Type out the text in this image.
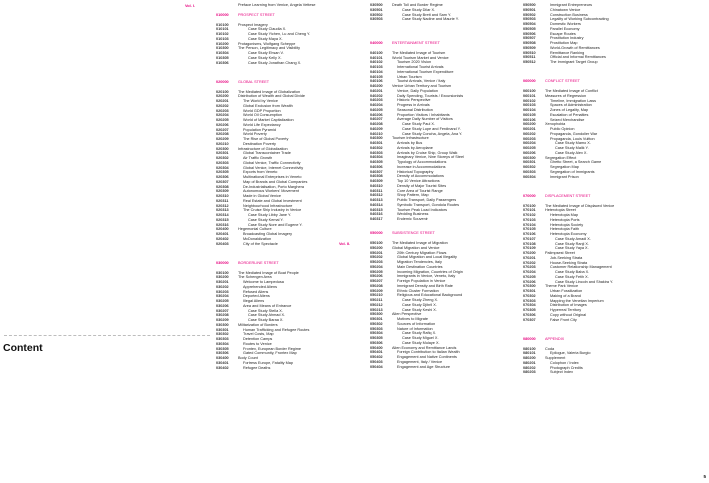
Content
Vol. I.
Vol. II.
Preface Learning from Venice, Angela Vettese
010000 PROSPECT STREET
010100 Prospect Imagery
010101	Case Study Claudia X.
010102	Case Study Yichen, Lu and Cheng Y.
010103	Case Study Maya X.
010200 Protagonisms, Wolfgang Scheppe
010300 The Person, Legitimacy and Visibility
010304	Case Study Ehsan V.
010305	Case Study Kelly X.
010306	Case Study Jonathan Chang X.
020000 GLOBAL STREET
020100 The Mediated Image of Globalization
020200 Distribution of Wealth and Global Divide
020201	The World by Venice
020202	Global Exclusion from Wealth
020203	World GDP Proportion
020204	World Oil Consumption
020205	World of Market Capitalization
020206	World Life Expectancy
020207	Population Pyramid
020208	World Poverty
020209	The Rise of Global Poverty
020210	Destination Poverty
020300 Infrastructure of Globalization
020301	Global Transcontainer Trade
020302	Air Traffic Growth
020303	Global Venice, Traffic Connectivity
020304	Global Venice, Internet Connectivity
020305	Exports from Veneto
020306	Multinational Enterprises in Veneto
020307	Map of Brands and Global Companies
020308	De-Industrialisation, Porto Marghera
020309	Autonomous Workers' Movement
020310	Made in Global Venice
020311	Real Estate and Global Investment
020312	Neighbourhood Infrastructure
020313	The Cruise Ship Industry in Venice
020314	Case Study Libby Jane Y.
020315	Case Study Kemal Y.
020316	Case Study Nore and Eugene Y.
020400 Hegemonial Culture
020401	Broadcasting Global Imagery
020402	McDonaldization
020403	City of the Spectacle
030000 BORDERLINE STREET
030100 The Mediated Image of Boat People
030200 The Schengen Area
030201	Welcome to Lampedusa
030202	Apprehended Aliens
030203	Refused Aliens
030204	Deported Aliens
030205	Illegal Aliens
030206	Area and Means of Entrance
030207	Case Study Stella X.
030208	Case Study Ahmad X.
030209	Case Study Baraa X.
030300 Militarization of Borders
030301	Human Trafficking and Refugee Routes
030302	Travel Costs, Map
030303	Detention Camps
030304	Routes to Venice
030305	Frontex, European Border Regime
030306	Gated Community, Frontex Map
030400 Body Count
030401	Fortress Europe, Fatality Map
030402	Refugee Deaths
030500 Death Toll and Border Regime
030501	Case Study Dilar X.
030502	Case Study Brett and Sam Y.
030503	Case Study Nadine and Maurie Y.
040000 ENTERTAINMENT STREET
040100 The Mediated Image of Tourism
040101 World Tourism Market and Venice
040102	Tourism 2020 Vision
040103	International Tourist Arrivals
040104	International Tourism Expenditure
040105	Urban Tourism
040106	Tourist Arrivals, Venice / Italy
040200 Venice Urban Territory and Tourism
040201	Venice, Daily Population
040202	Daily Spending, Tourists / Excursionists
040203	Historic Perspective
040204	Progress in Arrivals
040205	Seasonal Distribution
040206	Proportion Visitors / Inhabitants
040207	Average Daily Number of Visitors
040208	Case Study Paul X.
040209	Case Study Lupe and Ferdinand Y.
040210	Case Study Concha, Angela, Ana Y.
040300 Tourism Infrastructure
040301	Arrivals by Bus
040302	Arrivals by Aeroplane
040303	Arrivals by Cruise Ship, Group Walk
040304	Imaginary Venice, Nine Storeys of Steel
040305	Typology of Accommodations
040306	Increase in Accommodations
040307	Historical Topography
040308	Density of Accommodations
040309	Top 10 Venice Attractions
040310	Density of Major Tourist Sites
040311	Core Area of Tourist Range
040312	Shop Pattern, Map
040313	Public Transport, Daily Passengers
040314	Symbolic Transport, Gondola Routes
040315	Tourism Peak Load Indicators
040316	Wedding Business
040317	Endemic Souvenir
050000 SUBSISTENCE STREET
050100 The Mediated Image of Migration
050200 Global Migration and Venice
050201	20th Century Migration Flows
050202	Global Migration and Local Illegality
050203	Migration Tendencies, Italy
050204	Main Destination Countries
050205	Incoming Migration, Countries of Origin
050206	Immigrants in Venice, Veneto, Italy
050207	Foreign Population in Venice
050208	Immigrant Density and Birth Rate
050209	Ethnic Cluster Formation
050210	Religious and Educational Background
050211	Case Study Zheng X.
050212	Case Study Djibril X.
050213	Case Study Keshi X.
050300 Alien Perspective
050301	Motives to Migrate
050302	Sources of Information
050303	Nature of Information
050304	Case Study Rafiq X.
050305	Case Study Miguel X.
050306	Case Study Mulaye X.
050400 Alien Economy and Remittance Lands
050401	Foreign Contribution to Italian Wealth
050402	Engagement and Native Continents
050403	Engagement, Italy / Venice
050404	Engagement and Age Structure
050500	Immigrant Entrepreneurs
050501	Chinatown Venice
050502	Construction Business
050503	Legality of Working Subcontracting
050504	Domestic Workers
050505	Parallel Economy
050506	Escape Routes
050507	Prostitution Industry
050508	Prostitution Map
050509	World-Growth of Remittances
050510	Remittance Ranking
050511	Official and Informal Remittances
050512	The Immigrant Target Group
060000 CONFLICT STREET
060100 The Mediated Image of Conflict
060101 Measures of Regression
060102	Timeline, Immigration Laws
060103	Spaces of Administration
060104	Zones of Legality, Map
060105	Escalation of Penalties
060106	Seized Merchandise
060200 Xenophobia
060201	Public Opinion
060202	Propaganda, Gondolier War
060203	Propaganda, Louis Vuitton
060204	Case Study Mamo X.
060205	Case Study Malik Y.
060206	Case Study Alex X.
060300 Segregation Effect
060301	Ghetto Street, a Search Game
060302	Segregation Map
060303	Segregation of Immigrants
060304	Immigrant Prison
070000 DISPLACEMENT STREET
070100 The Mediated Image of Displaced Venice
070101 Heterotopia Street
070102	Heterotopia Map
070103	Heterotopia Ports
070104	Heterotopia Society
070105	Heterotopia Faith
070106	Heterotopia Economy
070107	Case Study Amadi X.
070108	Case Study Ranji X.
070109	Case Study Yaya X.
070200 Palimpsest Street
070201	Job-Seeking Strata
070202	House-Seeking Strata
070203	Customer Relationship Management
070204	Case Study Baba X.
070205	Case Study Fetih X.
070206	Case Study Lincoln and Shakira Y.
070300 Theme Park Venice
070301	Urban Fossilization
070302	Making of a Brand
070303	Mapping the Venetian Imperium
070304	Distribution of Images
070305	Hyperreal Territory
070306	Copy without Original
070307	False Front City
080000 APPENDIX
080100 Coda
080101	Epilogue, Valeria Burgio
080200 Supplement
080201	Colophon / Index
080202	Photograph Credits
080203	Subject Index
5
